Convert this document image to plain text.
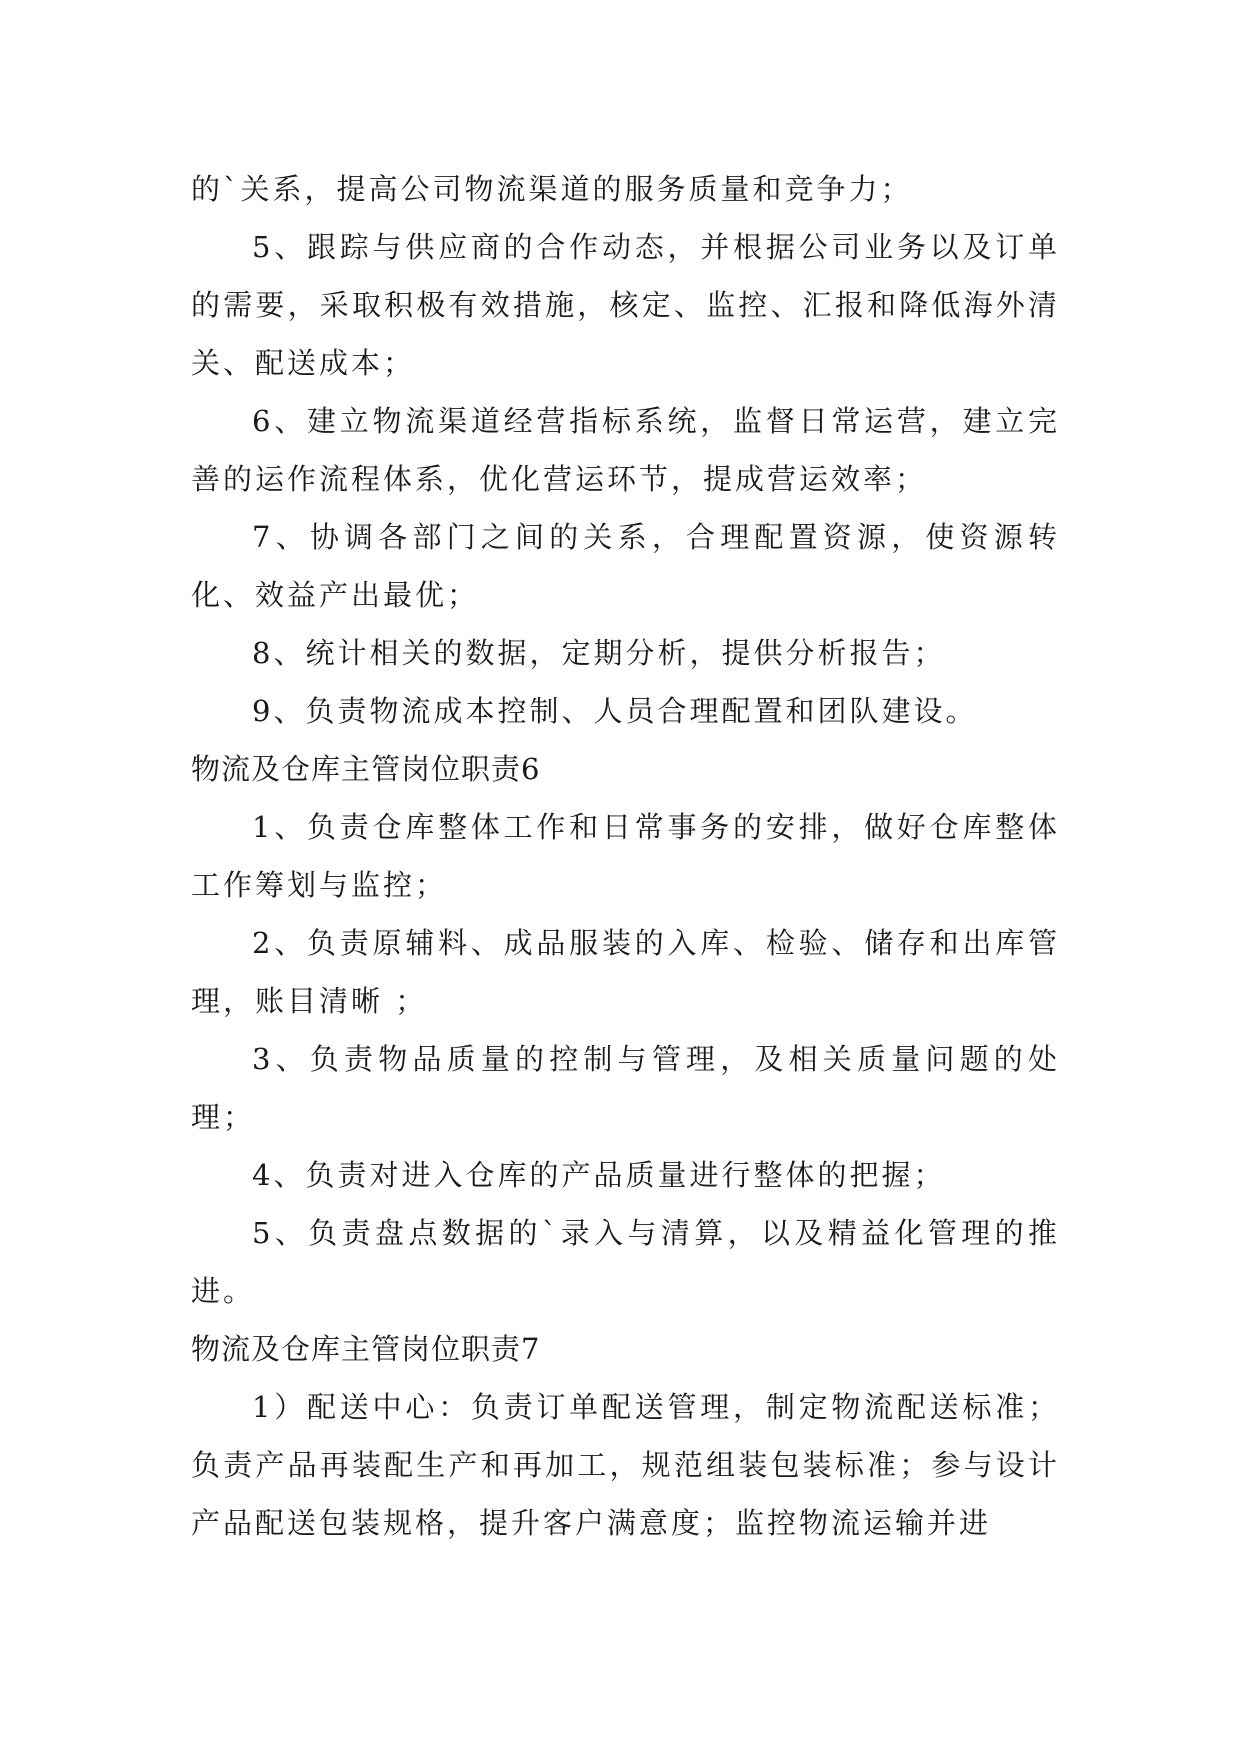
的`关系，提高公司物流渠道的服务质量和竞争力；

5、跟踪与供应商的合作动态，并根据公司业务以及订单的需要，采取积极有效措施，核定、监控、汇报和降低海外清关、配送成本；

6、建立物流渠道经营指标系统，监督日常运营，建立完善的运作流程体系，优化营运环节，提成营运效率；

7、协调各部门之间的关系，合理配置资源，使资源转化、效益产出最优；

8、统计相关的数据，定期分析，提供分析报告；

9、负责物流成本控制、人员合理配置和团队建设。

物流及仓库主管岗位职责6

1、负责仓库整体工作和日常事务的安排，做好仓库整体工作筹划与监控；

2、负责原辅料、成品服装的入库、检验、储存和出库管理，账目清晰 ；

3、负责物品质量的控制与管理，及相关质量问题的处理；

4、负责对进入仓库的产品质量进行整体的把握；

5、负责盘点数据的`录入与清算，以及精益化管理的推进。

物流及仓库主管岗位职责7

1）配送中心：负责订单配送管理，制定物流配送标准；负责产品再装配生产和再加工，规范组装包装标准；参与设计产品配送包装规格，提升客户满意度；监控物流运输并进
